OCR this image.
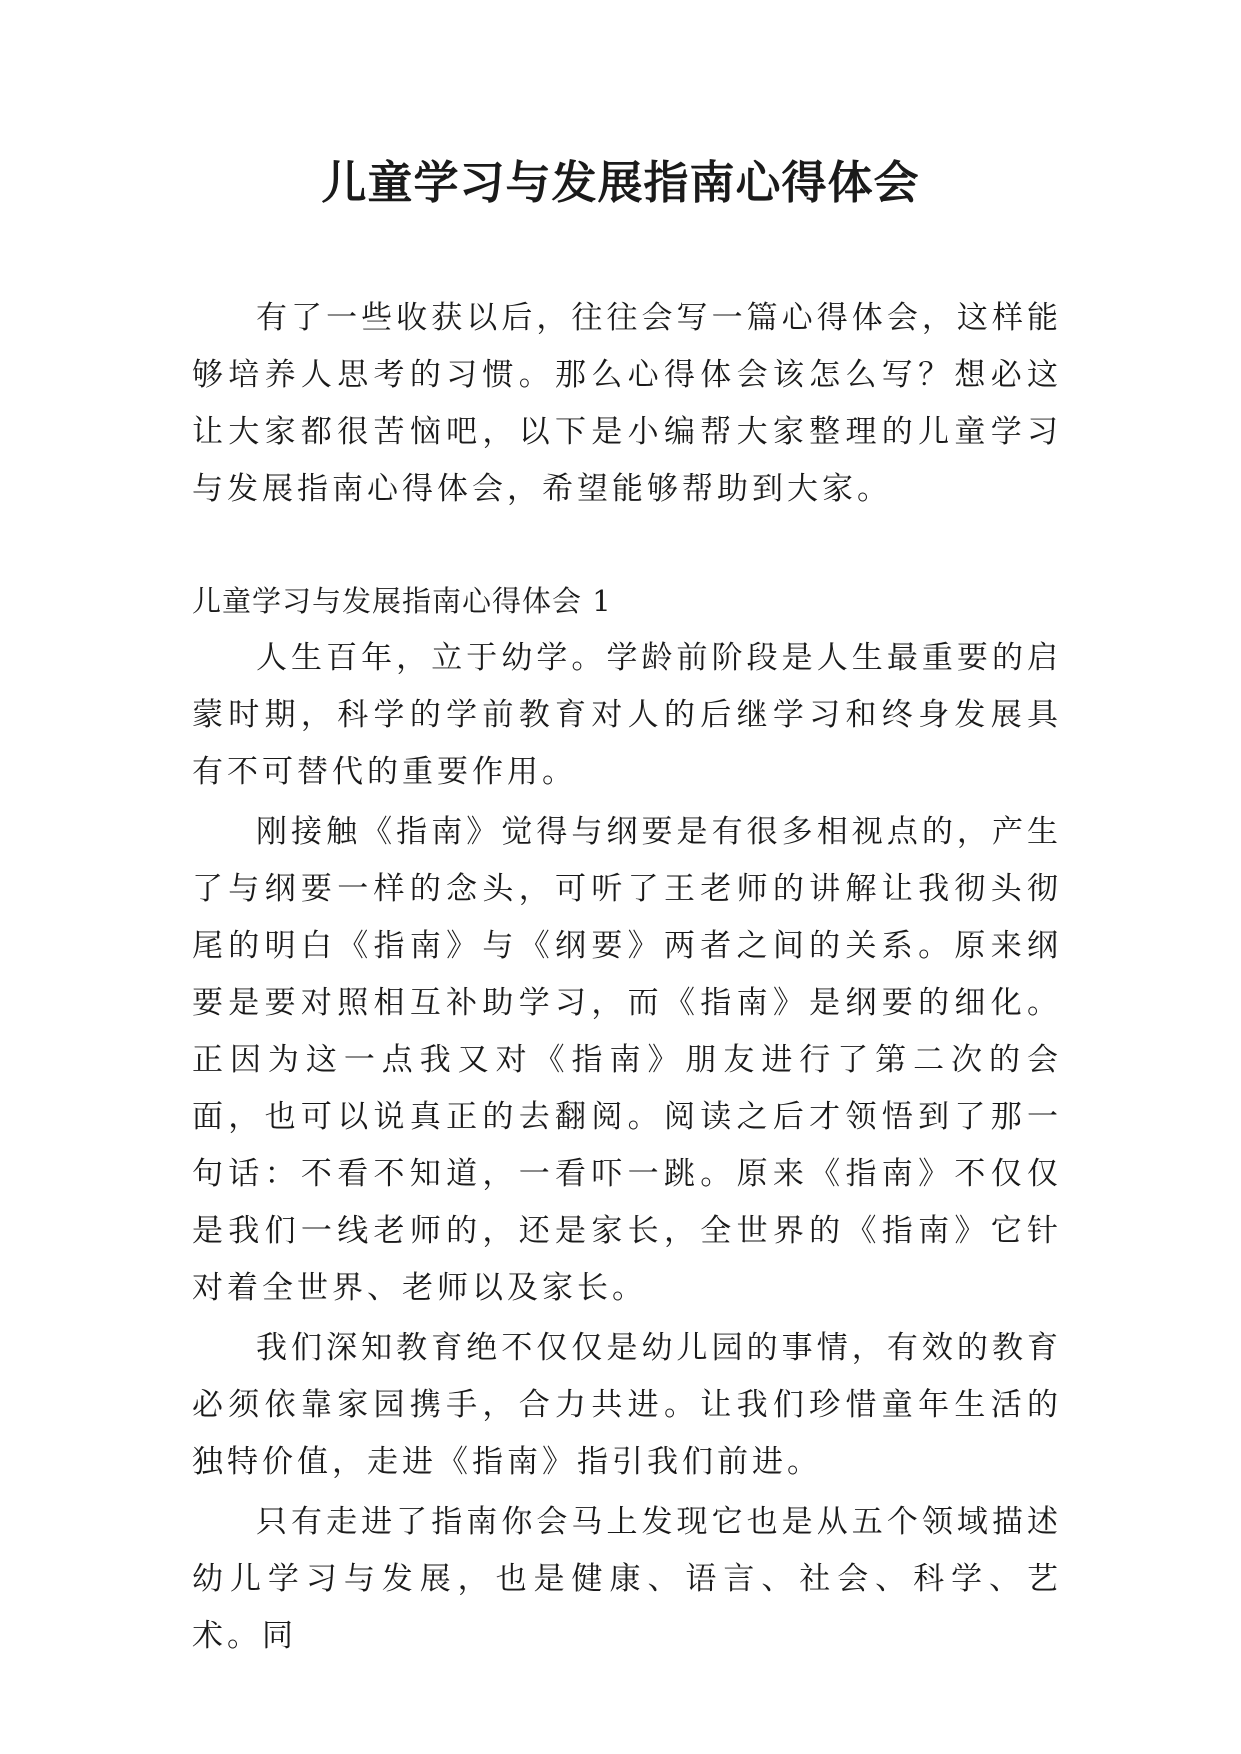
儿童学习与发展指南心得体会

有了一些收获以后，往往会写一篇心得体会，这样能够培养人思考的习惯。那么心得体会该怎么写？想必这让大家都很苦恼吧，以下是小编帮大家整理的儿童学习与发展指南心得体会，希望能够帮助到大家。

儿童学习与发展指南心得体会 1

人生百年，立于幼学。学龄前阶段是人生最重要的启蒙时期，科学的学前教育对人的后继学习和终身发展具有不可替代的重要作用。

刚接触《指南》觉得与纲要是有很多相视点的，产生了与纲要一样的念头，可听了王老师的讲解让我彻头彻尾的明白《指南》与《纲要》两者之间的关系。原来纲要是要对照相互补助学习，而《指南》是纲要的细化。正因为这一点我又对《指南》朋友进行了第二次的会面，也可以说真正的去翻阅。阅读之后才领悟到了那一句话：不看不知道，一看吓一跳。原来《指南》不仅仅是我们一线老师的，还是家长，全世界的《指南》它针对着全世界、老师以及家长。

我们深知教育绝不仅仅是幼儿园的事情，有效的教育必须依靠家园携手，合力共进。让我们珍惜童年生活的独特价值，走进《指南》指引我们前进。

只有走进了指南你会马上发现它也是从五个领域描述幼儿学习与发展，也是健康、语言、社会、科学、艺术。同
